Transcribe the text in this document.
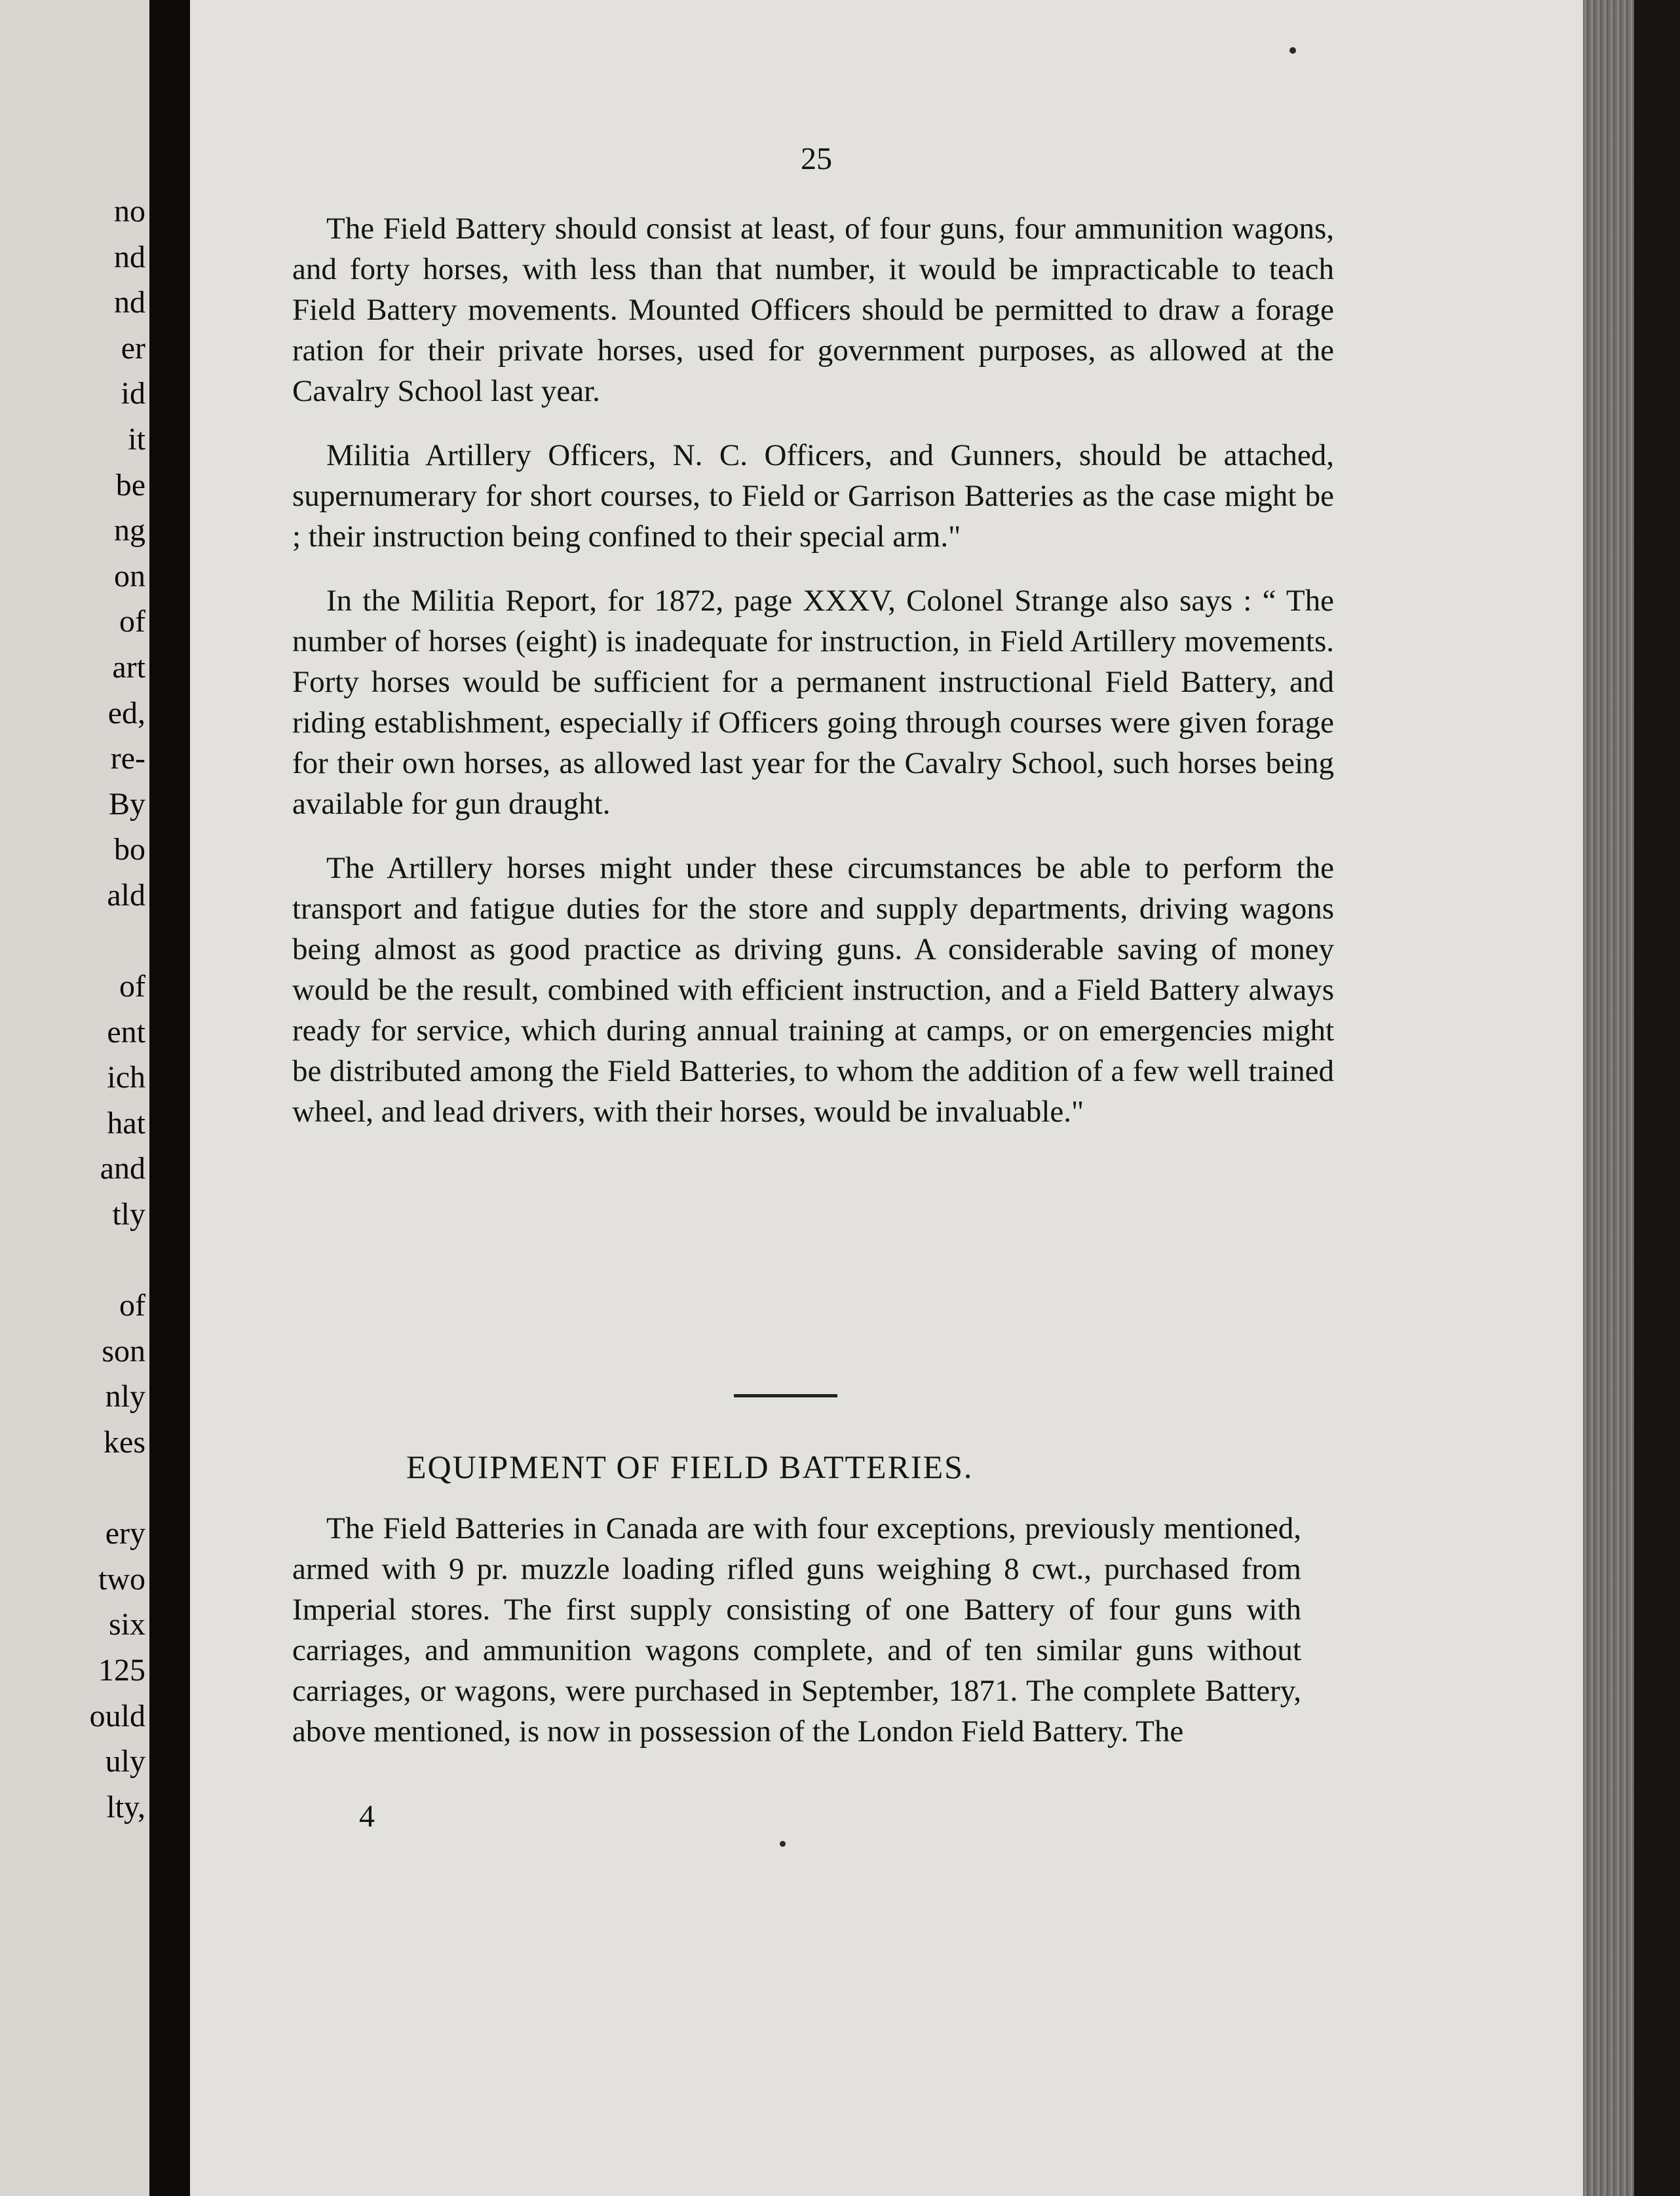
no
nd
nd
er
id
it
be
ng
on
of
art
ed,
re-
By
bo
ald
of
ent
ich
hat
and
tly
of
son
nly
kes
ery
two
six
125
ould
uly
lty,

25

The Field Battery should consist at least, of four guns, four ammunition wagons, and forty horses, with less than that number, it would be impracticable to teach Field Battery movements. Mounted Officers should be permitted to draw a forage ration for their private horses, used for government purposes, as allowed at the Cavalry School last year.

Militia Artillery Officers, N. C. Officers, and Gunners, should be attached, supernumerary for short courses, to Field or Garrison Batteries as the case might be ; their instruction being confined to their special arm."

In the Militia Report, for 1872, page XXXV, Colonel Strange also says : “ The number of horses (eight) is inadequate for instruction, in Field Artillery movements. Forty horses would be sufficient for a permanent instructional Field Battery, and riding establishment, especially if Officers going through courses were given forage for their own horses, as allowed last year for the Cavalry School, such horses being available for gun draught.

The Artillery horses might under these circumstances be able to perform the transport and fatigue duties for the store and supply departments, driving wagons being almost as good practice as driving guns. A considerable saving of money would be the result, combined with efficient instruction, and a Field Battery always ready for service, which during annual training at camps, or on emergencies might be distributed among the Field Batteries, to whom the addition of a few well trained wheel, and lead drivers, with their horses, would be invaluable."

EQUIPMENT OF FIELD BATTERIES.

The Field Batteries in Canada are with four exceptions, previously mentioned, armed with 9 pr. muzzle loading rifled guns weighing 8 cwt., purchased from Imperial stores. The first supply consisting of one Battery of four guns with carriages, and ammunition wagons complete, and of ten similar guns without carriages, or wagons, were purchased in September, 1871. The complete Battery, above mentioned, is now in possession of the London Field Battery. The

4
